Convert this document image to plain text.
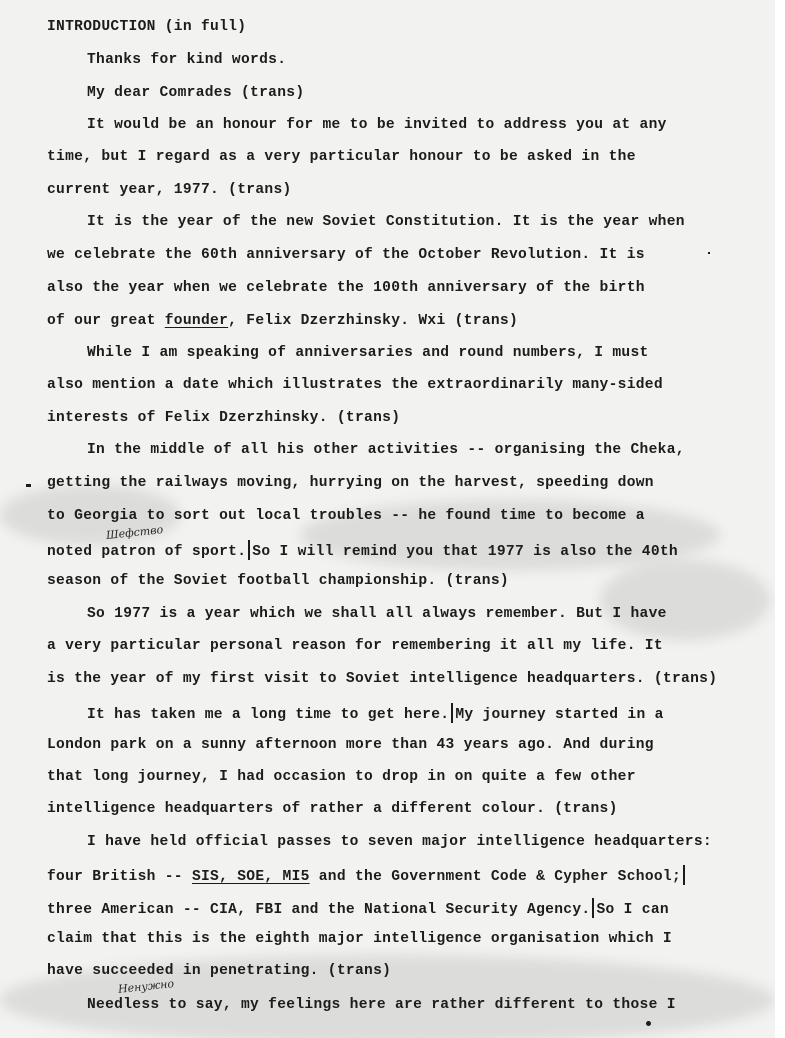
INTRODUCTION (in full)
Thanks for kind words.
My dear Comrades (trans)
It would be an honour for me to be invited to address you at any
time, but I regard as a very particular honour to be asked in the
current year, 1977. (trans)
It is the year of the new Soviet Constitution. It is the year when
we celebrate the 60th anniversary of the October Revolution. It is
also the year when we celebrate the 100th anniversary of the birth
of our great founder, Felix Dzerzhinsky. Wxi (trans)
While I am speaking of anniversaries and round numbers, I must
also mention a date which illustrates the extraordinarily many-sided
interests of Felix Dzerzhinsky. (trans)
In the middle of all his other activities -- organising the Cheka,
getting the railways moving, hurrying on the harvest, speeding down
to Georgia to sort out local troubles -- he found time to become a
Шефство
noted patron of sport. So I will remind you that 1977 is also the 40th
season of the Soviet football championship. (trans)
So 1977 is a year which we shall all always remember. But I have
a very particular personal reason for remembering it all my life. It
is the year of my first visit to Soviet intelligence headquarters. (trans)
It has taken me a long time to get here. My journey started in a
London park on a sunny afternoon more than 43 years ago. And during
that long journey, I had occasion to drop in on quite a few other
intelligence headquarters of rather a different colour. (trans)
I have held official passes to seven major intelligence headquarters:
four British -- SIS, SOE, MI5 and the Government Code & Cypher School;
three American -- CIA, FBI and the National Security Agency. So I can
claim that this is the eighth major intelligence organisation which I
have succeeded in penetrating. (trans)
Ненужно
Needless to say, my feelings here are rather different to those I
